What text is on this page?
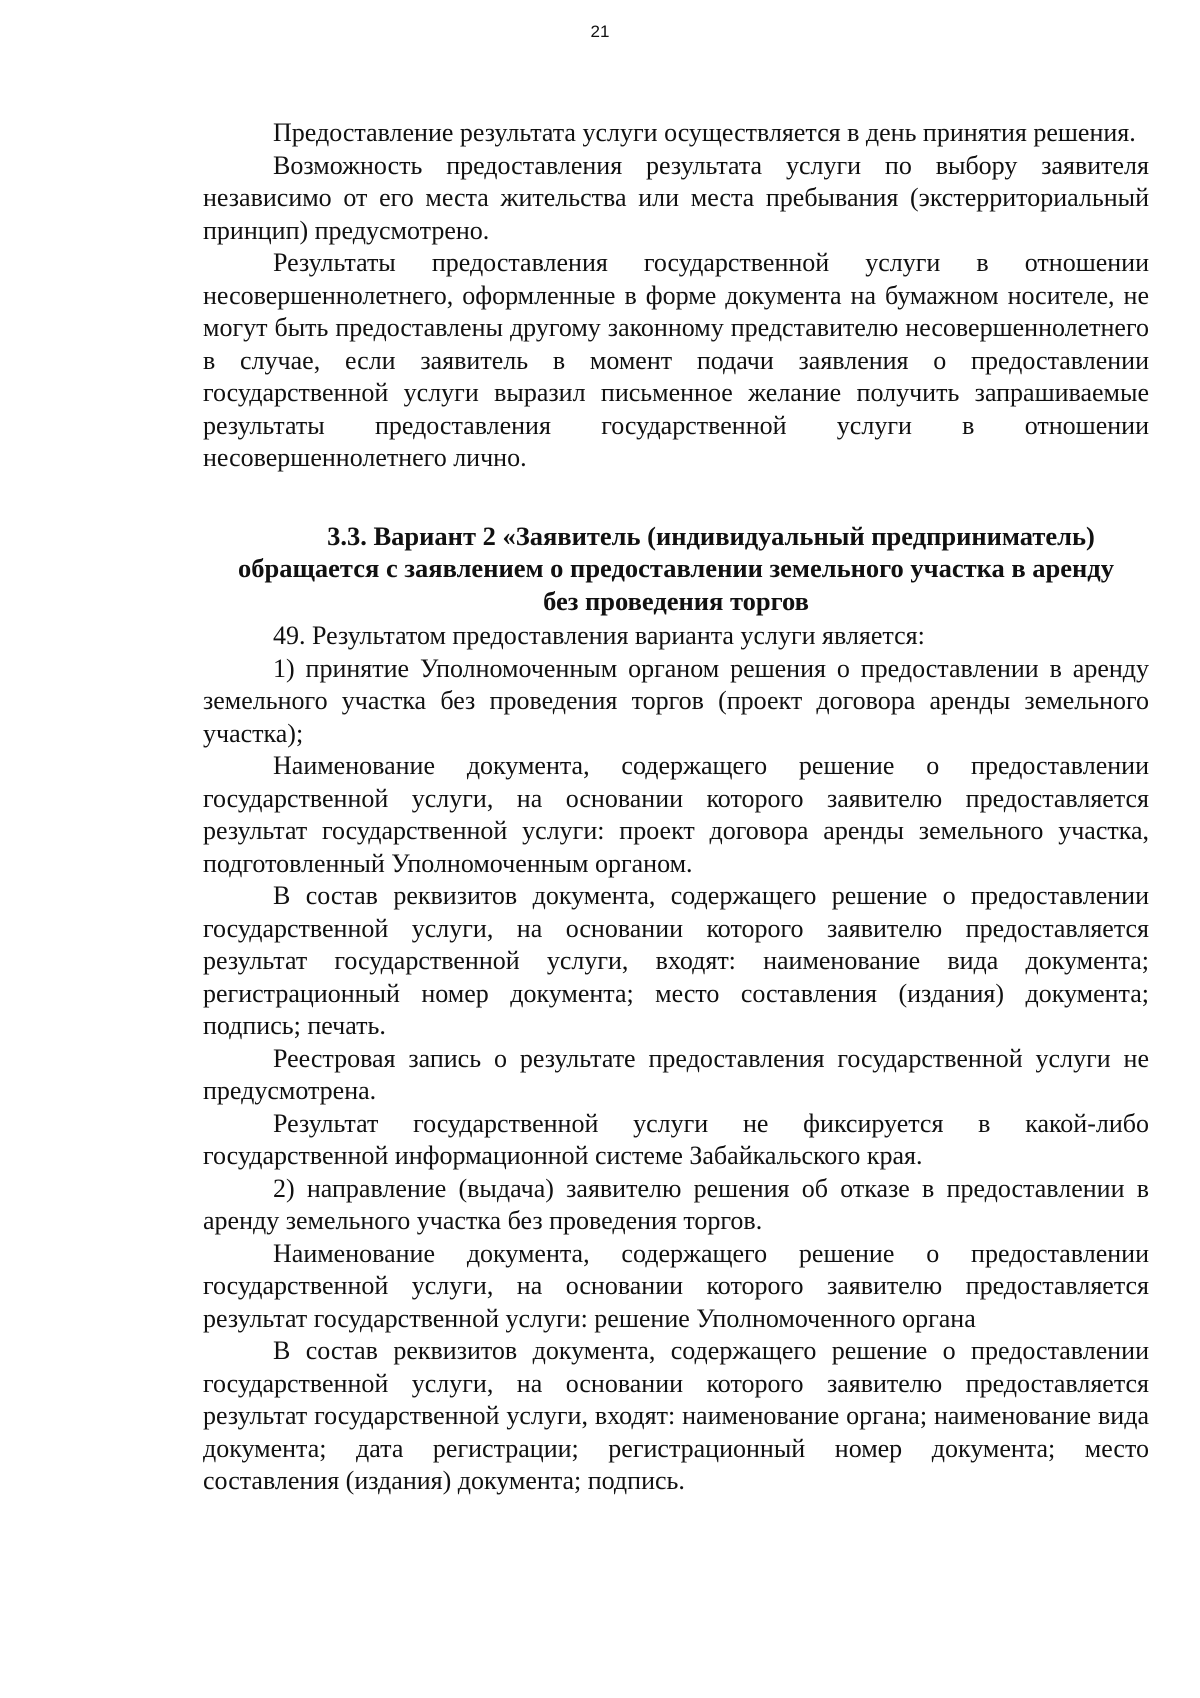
21

Предоставление результата услуги осуществляется в день принятия решения.

Возможность предоставления результата услуги по выбору заявителя независимо от его места жительства или места пребывания (экстерриториальный принцип) предусмотрено.

Результаты предоставления государственной услуги в отношении несовершеннолетнего, оформленные в форме документа на бумажном носителе, не могут быть предоставлены другому законному представителю несовершеннолетнего в случае, если заявитель в момент подачи заявления о предоставлении государственной услуги выразил письменное желание получить запрашиваемые результаты предоставления государственной услуги в отношении несовершеннолетнего лично.

3.3. Вариант 2 «Заявитель (индивидуальный предприниматель)
обращается с заявлением о предоставлении земельного участка в аренду
без проведения торгов

49. Результатом предоставления варианта услуги является:

1) принятие Уполномоченным органом решения о предоставлении в аренду земельного участка без проведения торгов (проект договора аренды земельного участка);

Наименование документа, содержащего решение о предоставлении государственной услуги, на основании которого заявителю предоставляется результат государственной услуги: проект договора аренды земельного участка, подготовленный Уполномоченным органом.

В состав реквизитов документа, содержащего решение о предоставлении государственной услуги, на основании которого заявителю предоставляется результат государственной услуги, входят: наименование вида документа; регистрационный номер документа; место составления (издания) документа; подпись; печать.

Реестровая запись о результате предоставления государственной услуги не предусмотрена.

Результат государственной услуги не фиксируется в какой-либо государственной информационной системе Забайкальского края.

2) направление (выдача) заявителю решения об отказе в предоставлении в аренду земельного участка без проведения торгов.

Наименование документа, содержащего решение о предоставлении государственной услуги, на основании которого заявителю предоставляется результат государственной услуги: решение Уполномоченного органа

В состав реквизитов документа, содержащего решение о предоставлении государственной услуги, на основании которого заявителю предоставляется результат государственной услуги, входят: наименование органа; наименование вида документа; дата регистрации; регистрационный номер документа; место составления (издания) документа; подпись.
